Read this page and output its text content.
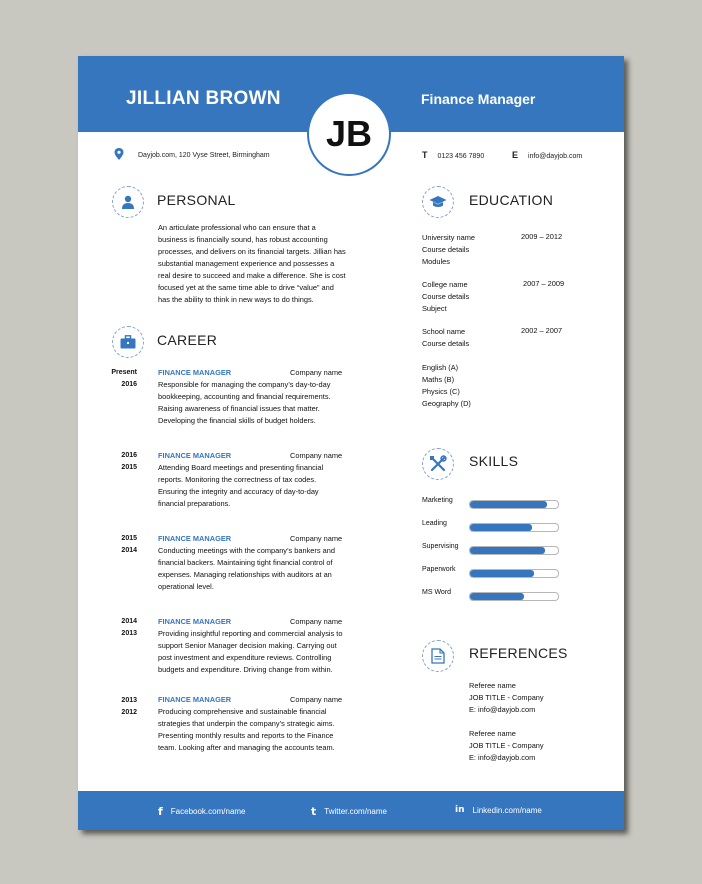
JILLIAN BROWN	Finance Manager
JB
Dayjob.com, 120 Vyse Street, Birmingham	T 0123 456 7890	E info@dayjob.com
PERSONAL
An articulate professional who can ensure that a
business is financially sound, has robust accounting
processes, and delivers on its financial targets. Jillian has
substantial management experience and possesses a
real desire to succeed and make a difference. She is cost
focused yet at the same time able to drive “value” and
has the ability to think in new ways to do things.
CAREER
Present
2016
FINANCE MANAGER	Company name
Responsible for managing the company’s day-to-day
bookkeeping, accounting and financial requirements.
Raising awareness of financial issues that matter.
Developing the financial skills of budget holders.
2016
2015
FINANCE MANAGER	Company name
Attending Board meetings and presenting financial
reports. Monitoring the correctness of tax codes.
Ensuring the integrity and accuracy of day-to-day
financial preparations.
2015
2014
FINANCE MANAGER	Company name
Conducting meetings with the company’s bankers and
financial backers. Maintaining tight financial control of
expenses. Managing relationships with auditors at an
operational level.
2014
2013
FINANCE MANAGER	Company name
Providing insightful reporting and commercial analysis to
support Senior Manager decision making. Carrying out
post investment and expenditure reviews. Controlling
budgets and expenditure. Driving change from within.
2013
2012
FINANCE MANAGER	Company name
Producing comprehensive and sustainable financial
strategies that underpin the company’s strategic aims.
Presenting monthly results and reports to the Finance
team. Looking after and managing the accounts team.
EDUCATION
University name
Course details
Modules
2009 – 2012
College name
Course details
Subject
2007 – 2009
School name
Course details
2002 – 2007
English (A)
Maths (B)
Physics (C)
Geography (D)
SKILLS
REFERENCES
Referee name
JOB TITLE - Company
E: info@dayjob.com
Referee name
JOB TITLE - Company
E: info@dayjob.com
f Facebook.com/name	t Twitter.com/name	in Linkedin.com/name
Marketing
Leading
Supervising
Paperwork
MS Word
